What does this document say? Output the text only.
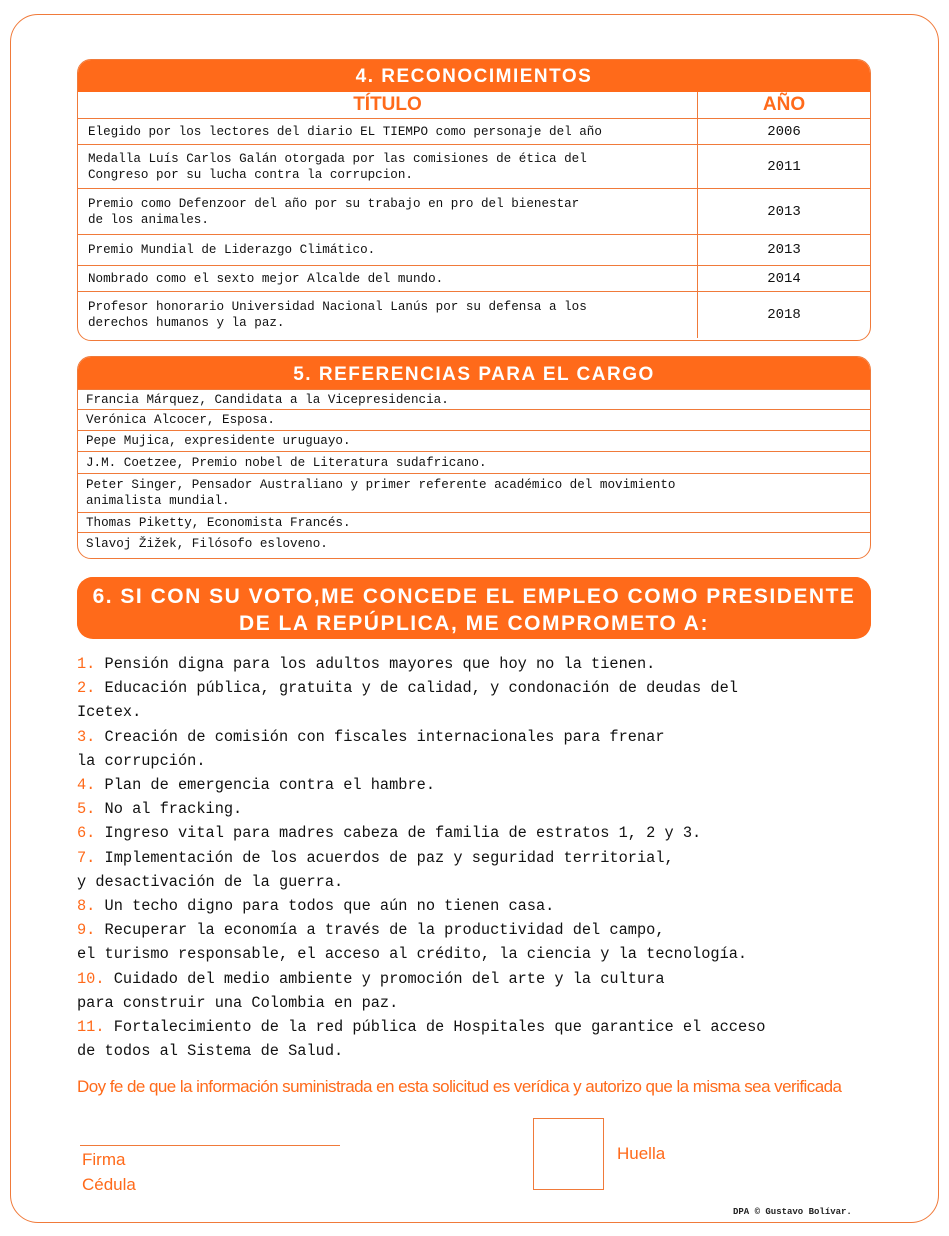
4. RECONOCIMIENTOS
TÍTULO	AÑO
Elegido por los lectores del diario EL TIEMPO como personaje del año	2006
Medalla Luís Carlos Galán otorgada por las comisiones de ética del
Congreso por su lucha contra la corrupcion.	2011
Premio como Defenzoor del año por su trabajo en pro del bienestar
de los animales.	2013
Premio Mundial de Liderazgo Climático.	2013
Nombrado como el sexto mejor Alcalde del mundo.	2014
Profesor honorario Universidad Nacional Lanús por su defensa a los
derechos humanos y la paz.	2018
5. REFERENCIAS PARA EL CARGO
Francia Márquez, Candidata a la Vicepresidencia.
Verónica Alcocer, Esposa.
Pepe Mujica, expresidente uruguayo.
J.M. Coetzee, Premio nobel de Literatura sudafricano.
Peter Singer, Pensador Australiano y primer referente académico del movimiento
animalista mundial.
Thomas Piketty, Economista Francés.
Slavoj Žižek, Filósofo esloveno.
6. SI CON SU VOTO,ME CONCEDE EL EMPLEO COMO PRESIDENTE
DE LA REPÚPLICA, ME COMPROMETO A:
1. Pensión digna para los adultos mayores que hoy no la tienen.
2. Educación pública, gratuita y de calidad, y condonación de deudas del
Icetex.
3. Creación de comisión con fiscales internacionales para frenar
la corrupción.
4. Plan de emergencia contra el hambre.
5. No al fracking.
6. Ingreso vital para madres cabeza de familia de estratos 1, 2 y 3.
7. Implementación de los acuerdos de paz y seguridad territorial,
y desactivación de la guerra.
8. Un techo digno para todos que aún no tienen casa.
9. Recuperar la economía a través de la productividad del campo,
el turismo responsable, el acceso al crédito, la ciencia y la tecnología.
10. Cuidado del medio ambiente y promoción del arte y la cultura
para construir una Colombia en paz.
11. Fortalecimiento de la red pública de Hospitales que garantice el acceso
de todos al Sistema de Salud.
Doy fe de que la información suministrada en esta solicitud es verídica y autorizo que la misma sea verificada
Firma
Cédula
Huella
DPA © Gustavo Bolívar.
